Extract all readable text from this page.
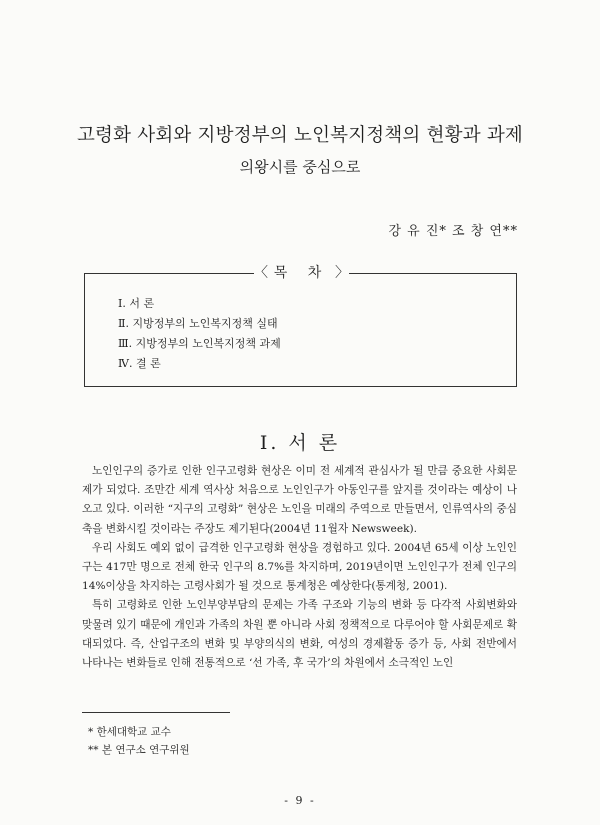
고령화 사회와 지방정부의 노인복지정책의 현황과 과제
의왕시를 중심으로
강 유 진* 조 창 연**
〈 목 차 〉
Ⅰ. 서 론
Ⅱ. 지방정부의 노인복지정책 실태
Ⅲ. 지방정부의 노인복지정책 과제
Ⅳ. 결 론
Ⅰ. 서 론

노인인구의 증가로 인한 인구고령화 현상은 이미 전 세계적 관심사가 될 만큼 중요한 사회문제가 되었다. 조만간 세계 역사상 처음으로 노인인구가 아동인구를 앞지를 것이라는 예상이 나오고 있다. 이러한 “지구의 고령화” 현상은 노인을 미래의 주역으로 만들면서, 인류역사의 중심축을 변화시킬 것이라는 주장도 제기된다(2004년 11월자 Newsweek).

우리 사회도 예외 없이 급격한 인구고령화 현상을 경험하고 있다. 2004년 65세 이상 노인인구는 417만 명으로 전체 한국 인구의 8.7%를 차지하며, 2019년이면 노인인구가 전체 인구의 14%이상을 차지하는 고령사회가 될 것으로 통계청은 예상한다(통계청, 2001).

특히 고령화로 인한 노인부양부담의 문제는 가족 구조와 기능의 변화 등 다각적 사회변화와 맞물려 있기 때문에 개인과 가족의 차원 뿐 아니라 사회 정책적으로 다루어야 할 사회문제로 확대되었다. 즉, 산업구조의 변화 및 부양의식의 변화, 여성의 경제활동 증가 등, 사회 전반에서 나타나는 변화들로 인해 전통적으로 ‘선 가족, 후 국가’의 차원에서 소극적인 노인

* 한세대학교 교수
** 본 연구소 연구위원
- 9 -
